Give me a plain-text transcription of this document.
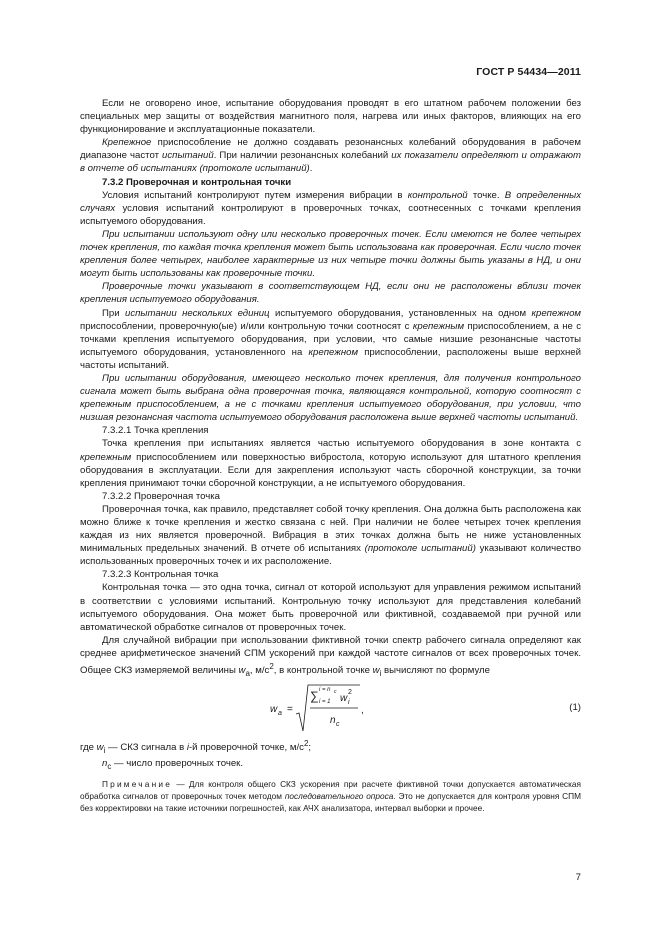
ГОСТ Р 54434—2011

Если не оговорено иное, испытание оборудования проводят в его штатном рабочем положении без специальных мер защиты от воздействия магнитного поля, нагрева или иных факторов, влияющих на его функционирование и эксплуатационные показатели.

Крепежное приспособление не должно создавать резонансных колебаний оборудования в рабочем диапазоне частот испытаний. При наличии резонансных колебаний их показатели определяют и отражают в отчете об испытаниях (протоколе испытаний).

7.3.2 Проверочная и контрольная точки

Условия испытаний контролируют путем измерения вибрации в контрольной точке. В определенных случаях условия испытаний контролируют в проверочных точках, соотнесенных с точками крепления испытуемого оборудования.

При испытании используют одну или несколько проверочных точек. Если имеются не более четырех точек крепления, то каждая точка крепления может быть использована как проверочная. Если число точек крепления более четырех, наиболее характерные из них четыре точки должны быть указаны в НД, и они могут быть использованы как проверочные точки.

Проверочные точки указывают в соответствующем НД, если они не расположены вблизи точек крепления испытуемого оборудования.

При испытании нескольких единиц испытуемого оборудования, установленных на одном крепежном приспособлении, проверочную(ые) и/или контрольную точки соотносят с крепежным приспособлением, а не с точками крепления испытуемого оборудования, при условии, что самые низшие резонансные частоты испытуемого оборудования, установленного на крепежном приспособлении, расположены выше верхней частоты испытаний.

При испытании оборудования, имеющего несколько точек крепления, для получения контрольного сигнала может быть выбрана одна проверочная точка, являющаяся контрольной, которую соотносят с крепежным приспособлением, а не с точками крепления испытуемого оборудования, при условии, что низшая резонансная частота испытуемого оборудования расположена выше верхней частоты испытаний.

7.3.2.1 Точка крепления

Точка крепления при испытаниях является частью испытуемого оборудования в зоне контакта с крепежным приспособлением или поверхностью вибростола, которую используют для штатного крепления оборудования в эксплуатации. Если для закрепления используют часть сборочной конструкции, за точки крепления принимают точки сборочной конструкции, а не испытуемого оборудования.

7.3.2.2 Проверочная точка

Проверочная точка, как правило, представляет собой точку крепления. Она должна быть расположена как можно ближе к точке крепления и жестко связана с ней. При наличии не более четырех точек крепления каждая из них является проверочной. Вибрация в этих точках должна быть не ниже установленных минимальных предельных значений. В отчете об испытаниях (протоколе испытаний) указывают количество использованных проверочных точек и их расположение.

7.3.2.3 Контрольная точка

Контрольная точка — это одна точка, сигнал от которой используют для управления режимом испытаний в соответствии с условиями испытаний. Контрольную точку используют для представления колебаний испытуемого оборудования. Она может быть проверочной или фиктивной, создаваемой при ручной или автоматической обработке сигналов от проверочных точек.

Для случайной вибрации при использовании фиктивной точки спектр рабочего сигнала определяют как среднее арифметическое значений СПМ ускорений при каждой частоте сигналов от всех проверочных точек. Общее СКЗ измеряемой величины $w_a$, $м/с^2$, в контрольной точке $w_i$ вычисляют по формуле

w a =
∑ i = n c
i = 1 w i
2
n c
,	(1)

где $w_i$ — СКЗ сигнала в i-й проверочной точке, $м/с^2$;

$n_c$ — число проверочных точек.

Примечание — Для контроля общего СКЗ ускорения при расчете фиктивной точки допускается автоматическая обработка сигналов от проверочных точек методом последовательного опроса. Это не допускается для контроля уровня СПМ без корректировки на такие источники погрешностей, как АЧХ анализатора, интервал выборки и прочее.

7
